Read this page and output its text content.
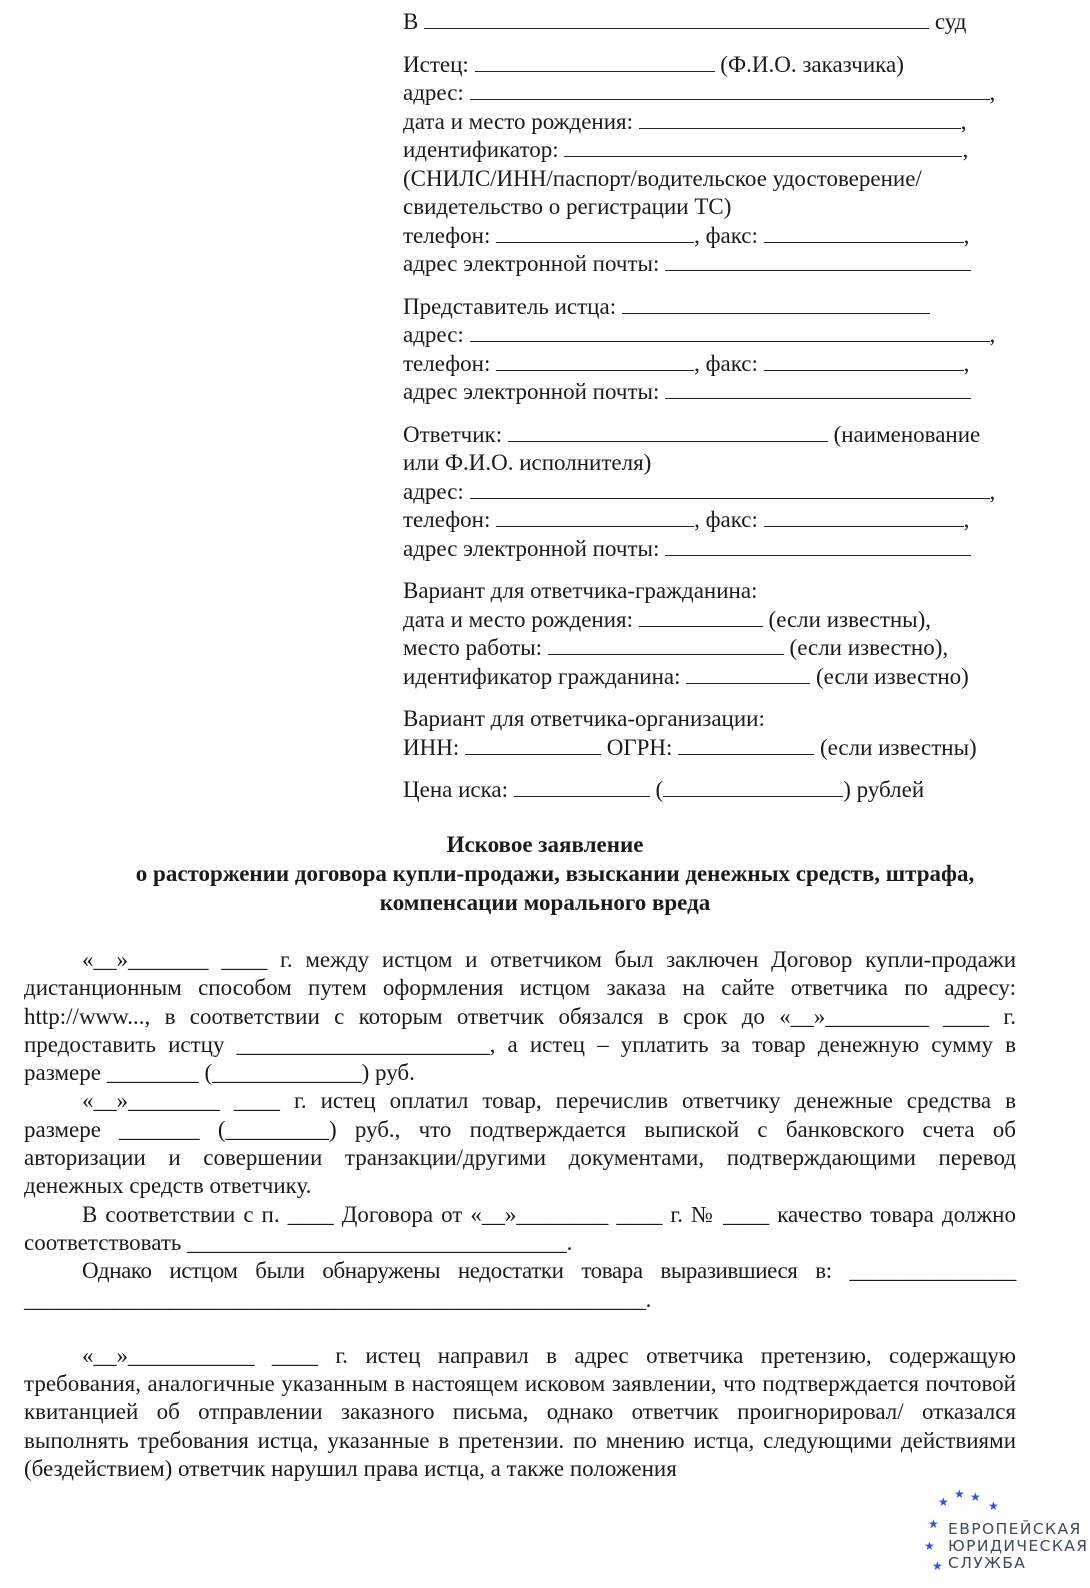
В	суд
Истец:	(Ф.И.О. заказчика)
адрес:	,
дата и место рождения:	,
идентификатор:	,
(СНИЛС/ИНН/паспорт/водительское удостоверение/
свидетельство о регистрации ТС)
телефон:	, факс:	,
адрес электронной почты:
Представитель истца:
адрес:	,
телефон:	, факс:	,
адрес электронной почты:
Ответчик:	(наименование
или Ф.И.О. исполнителя)
адрес:	,
телефон:	, факс:	,
адрес электронной почты:
Вариант для ответчика-гражданина:
дата и место рождения:	(если известны),
место работы:	(если известно),
идентификатор гражданина:	(если известно)
Вариант для ответчика-организации:
ИНН:	ОГРН:	(если известны)
Цена иска:	(	) рублей
Исковое заявление
о расторжении договора купли-продажи, взыскании денежных средств, штрафа,
компенсации морального вреда
«__»_______ ____ г. между истцом и ответчиком был заключен Договор купли-продажи дистанционным способом путем оформления истцом заказа на сайте ответчика по адресу: http://www..., в соответствии с которым ответчик обязался в срок до «__»_________ ____ г. предоставить истцу ______________________, а истец – уплатить за товар денежную сумму в размере ________ (_____________) руб.
«__»________ ____ г. истец оплатил товар, перечислив ответчику денежные средства в размере _______ (_________) руб., что подтверждается выпиской с банковского счета об авторизации и совершении транзакции/другими документами, подтверждающими перевод денежных средств ответчику.
В соответствии с п. ____ Договора от «__»________ ____ г. № ____ качество товара должно соответствовать _________________________________.
Однако истцом были обнаружены недостатки товара выразившиеся в: _______________ ________________________________________________________.
«__»___________ ____ г. истец направил в адрес ответчика претензию, содержащую требования, аналогичные указанным в настоящем исковом заявлении, что подтверждается почтовой квитанцией об отправлении заказного письма, однако ответчик проигнорировал/ отказался выполнять требования истца, указанные в претензии. по мнению истца, следующими действиями (бездействием) ответчик нарушил права истца, а также положения
★ ★
★	★
★
★
★
ЕВРОПЕЙСКАЯ
ЮРИДИЧЕСКАЯ
СЛУЖБА
